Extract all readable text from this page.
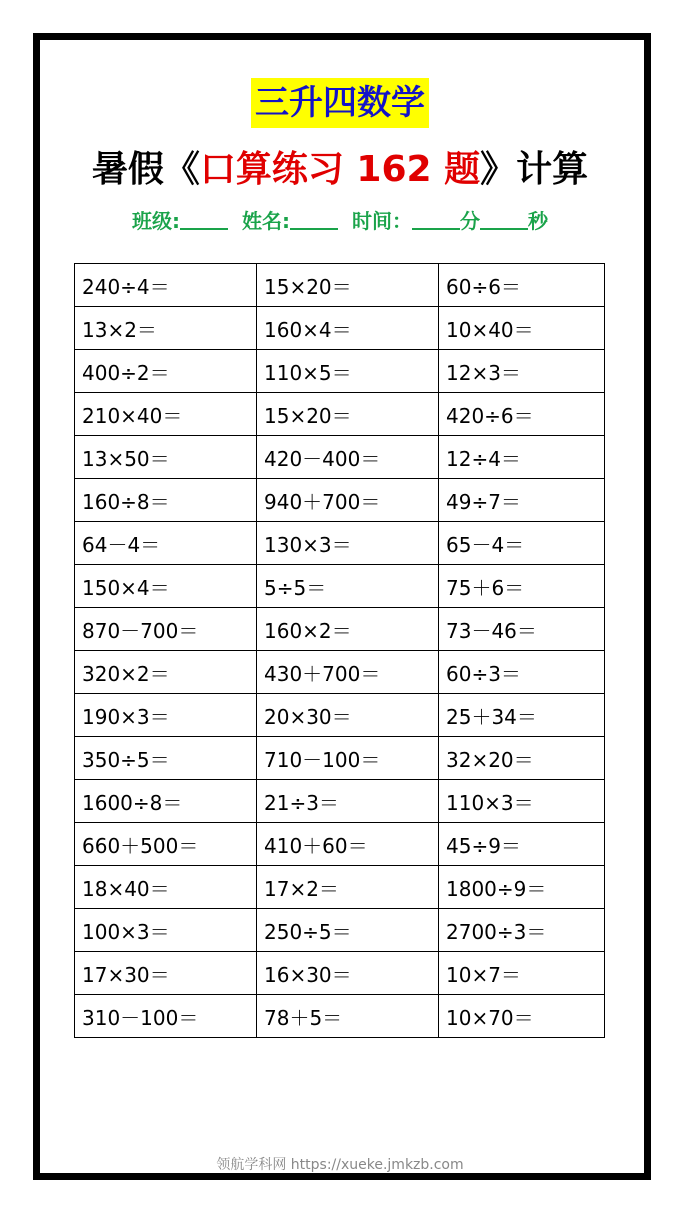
三升四数学
暑假《口算练习 162 题》计算
班级:	姓名:	时间： 分 秒
240÷4＝	15×20＝	60÷6＝
13×2＝	160×4＝	10×40＝
400÷2＝	110×5＝	12×3＝
210×40＝	15×20＝	420÷6＝
13×50＝	420－400＝	12÷4＝
160÷8＝	940＋700＝	49÷7＝
64－4＝	130×3＝	65－4＝
150×4＝	5÷5＝	75＋6＝
870－700＝	160×2＝	73－46＝
320×2＝	430＋700＝	60÷3＝
190×3＝	20×30＝	25＋34＝
350÷5＝	710－100＝	32×20＝
1600÷8＝	21÷3＝	110×3＝
660＋500＝	410＋60＝	45÷9＝
18×40＝	17×2＝	1800÷9＝
100×3＝	250÷5＝	2700÷3＝
17×30＝	16×30＝	10×7＝
310－100＝	78＋5＝	10×70＝
领航学科网 https://xueke.jmkzb.com
